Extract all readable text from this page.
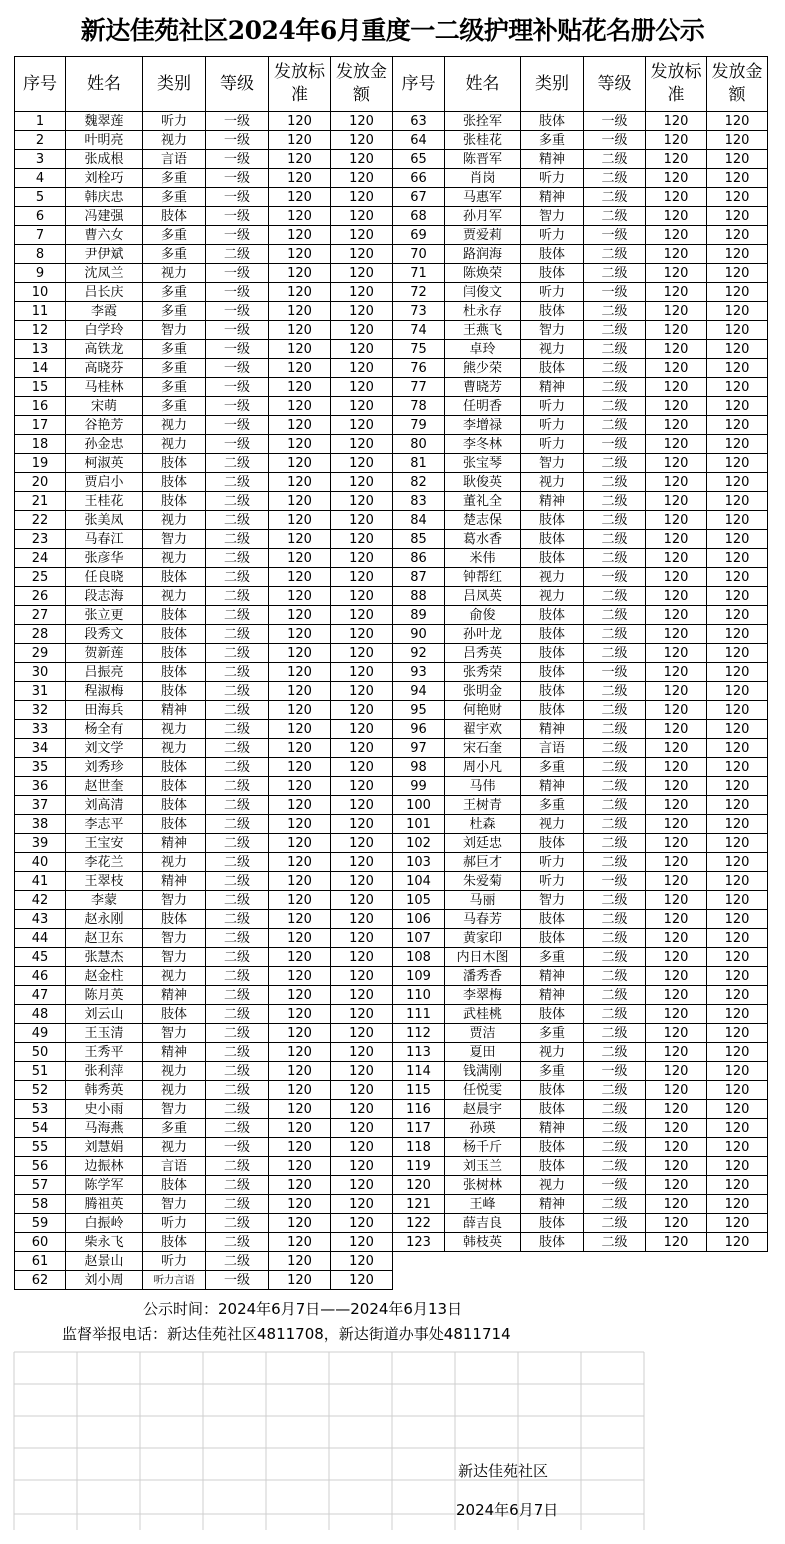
新达佳苑社区2024年6月重度一二级护理补贴花名册公示
序号	姓名	类别	等级	发放标准	发放金额	序号	姓名	类别	等级	发放标准	发放金额
1	魏翠莲	听力	一级	120	120	63	张拴军	肢体	一级	120	120
2	叶明亮	视力	一级	120	120	64	张桂花	多重	一级	120	120
3	张成根	言语	一级	120	120	65	陈晋军	精神	二级	120	120
4	刘栓巧	多重	一级	120	120	66	肖岗	听力	二级	120	120
5	韩庆忠	多重	一级	120	120	67	马惠军	精神	二级	120	120
6	冯建强	肢体	一级	120	120	68	孙月军	智力	二级	120	120
7	曹六女	多重	一级	120	120	69	贾爱莉	听力	一级	120	120
8	尹伊斌	多重	二级	120	120	70	路润海	肢体	二级	120	120
9	沈凤兰	视力	一级	120	120	71	陈焕荣	肢体	二级	120	120
10	吕长庆	多重	一级	120	120	72	闫俊文	听力	一级	120	120
11	李霞	多重	一级	120	120	73	杜永存	肢体	二级	120	120
12	白学玲	智力	一级	120	120	74	王燕飞	智力	二级	120	120
13	高铁龙	多重	一级	120	120	75	卓玲	视力	二级	120	120
14	高晓芬	多重	一级	120	120	76	熊少荣	肢体	二级	120	120
15	马桂林	多重	一级	120	120	77	曹晓芳	精神	二级	120	120
16	宋萌	多重	一级	120	120	78	任明香	听力	二级	120	120
17	谷艳芳	视力	一级	120	120	79	李增禄	听力	二级	120	120
18	孙金忠	视力	一级	120	120	80	李冬林	听力	一级	120	120
19	柯淑英	肢体	二级	120	120	81	张宝琴	智力	二级	120	120
20	贾启小	肢体	二级	120	120	82	耿俊英	视力	二级	120	120
21	王桂花	肢体	二级	120	120	83	董礼全	精神	二级	120	120
22	张美凤	视力	二级	120	120	84	楚志保	肢体	二级	120	120
23	马春江	智力	二级	120	120	85	葛水香	肢体	二级	120	120
24	张彦华	视力	二级	120	120	86	米伟	肢体	二级	120	120
25	任良晓	肢体	二级	120	120	87	钟帮红	视力	一级	120	120
26	段志海	视力	二级	120	120	88	吕凤英	视力	二级	120	120
27	张立更	肢体	二级	120	120	89	俞俊	肢体	二级	120	120
28	段秀文	肢体	二级	120	120	90	孙叶龙	肢体	二级	120	120
29	贺新莲	肢体	二级	120	120	92	吕秀英	肢体	二级	120	120
30	吕振亮	肢体	二级	120	120	93	张秀荣	肢体	一级	120	120
31	程淑梅	肢体	二级	120	120	94	张明金	肢体	二级	120	120
32	田海兵	精神	二级	120	120	95	何艳财	肢体	二级	120	120
33	杨全有	视力	二级	120	120	96	翟宇欢	精神	二级	120	120
34	刘文学	视力	二级	120	120	97	宋石奎	言语	二级	120	120
35	刘秀珍	肢体	二级	120	120	98	周小凡	多重	二级	120	120
36	赵世奎	肢体	二级	120	120	99	马伟	精神	二级	120	120
37	刘高清	肢体	二级	120	120	100	王树青	多重	二级	120	120
38	李志平	肢体	二级	120	120	101	杜森	视力	二级	120	120
39	王宝安	精神	二级	120	120	102	刘廷忠	肢体	二级	120	120
40	李花兰	视力	二级	120	120	103	郝巨才	听力	二级	120	120
41	王翠枝	精神	二级	120	120	104	朱爱菊	听力	一级	120	120
42	李蒙	智力	二级	120	120	105	马丽	智力	二级	120	120
43	赵永刚	肢体	二级	120	120	106	马春芳	肢体	二级	120	120
44	赵卫东	智力	二级	120	120	107	黄家印	肢体	二级	120	120
45	张慧杰	智力	二级	120	120	108	内日木图	多重	二级	120	120
46	赵金柱	视力	二级	120	120	109	潘秀香	精神	二级	120	120
47	陈月英	精神	二级	120	120	110	李翠梅	精神	二级	120	120
48	刘云山	肢体	二级	120	120	111	武桂桃	肢体	二级	120	120
49	王玉清	智力	二级	120	120	112	贾洁	多重	二级	120	120
50	王秀平	精神	二级	120	120	113	夏田	视力	二级	120	120
51	张利萍	视力	二级	120	120	114	钱满刚	多重	一级	120	120
52	韩秀英	视力	二级	120	120	115	任悦雯	肢体	二级	120	120
53	史小雨	智力	二级	120	120	116	赵晨宇	肢体	二级	120	120
54	马海燕	多重	二级	120	120	117	孙瑛	精神	二级	120	120
55	刘慧娟	视力	一级	120	120	118	杨千斤	肢体	二级	120	120
56	边振林	言语	二级	120	120	119	刘玉兰	肢体	二级	120	120
57	陈学军	肢体	二级	120	120	120	张树林	视力	一级	120	120
58	腾祖英	智力	二级	120	120	121	王峰	精神	二级	120	120
59	白振岭	听力	二级	120	120	122	薛吉良	肢体	二级	120	120
60	柴永飞	肢体	二级	120	120	123	韩枝英	肢体	二级	120	120
61	赵景山	听力	二级	120	120						
62	刘小周	听力言语	一级	120	120						
公示时间：2024年6月7日——2024年6月13日
监督举报电话：新达佳苑社区4811708，新达街道办事处4811714
新达佳苑社区
2024年6月7日
